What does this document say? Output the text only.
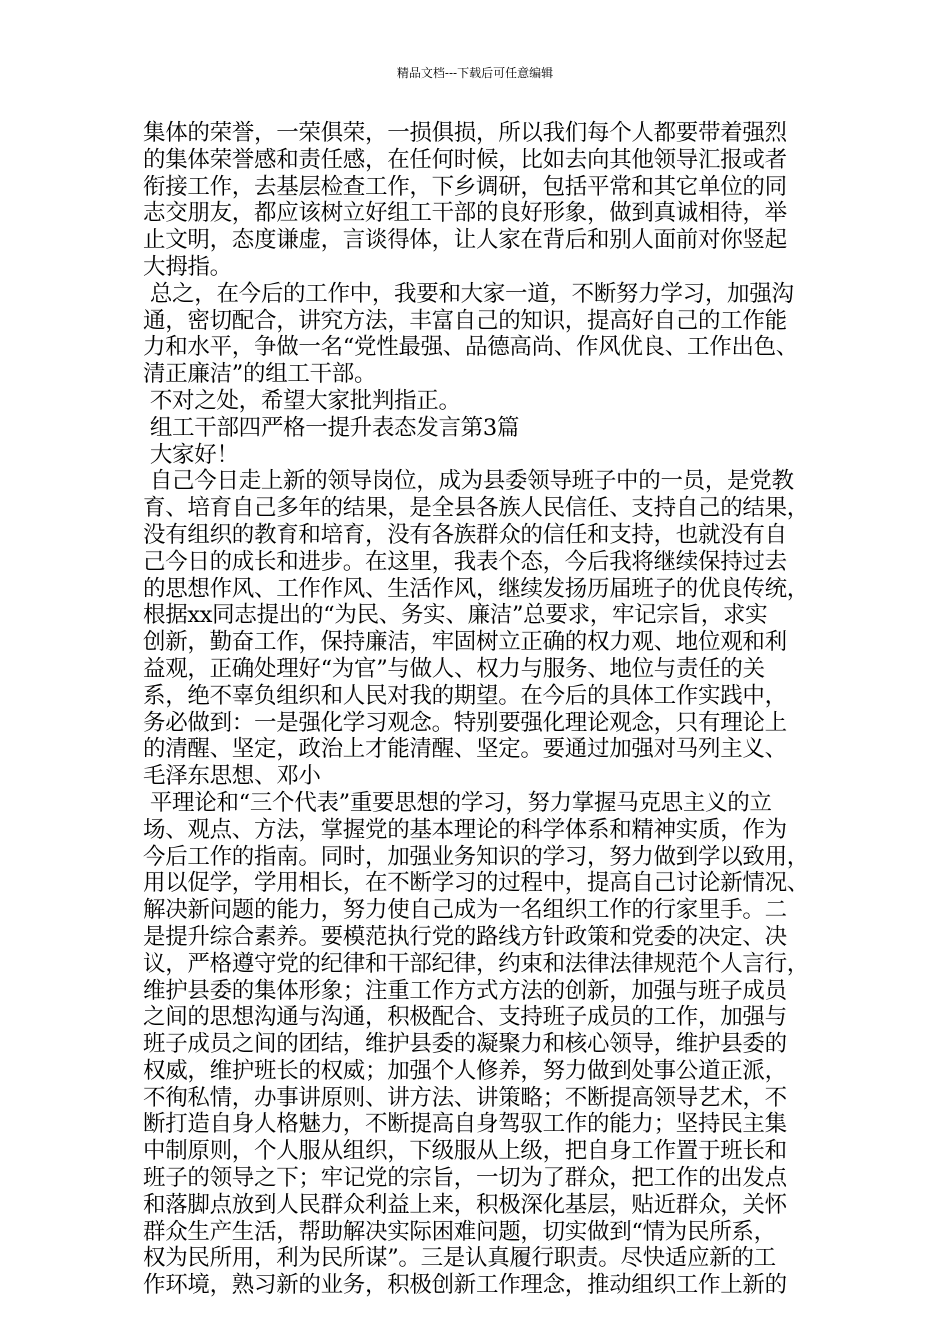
精品文档---下载后可任意编辑

集体的荣誉，一荣俱荣，一损俱损，所以我们每个人都要带着强烈

的集体荣誉感和责任感，在任何时候，比如去向其他领导汇报或者

衔接工作，去基层检查工作，下乡调研，包括平常和其它单位的同

志交朋友，都应该树立好组工干部的良好形象，做到真诚相待，举

止文明，态度谦虚，言谈得体，让人家在背后和别人面前对你竖起

大拇指。

总之，在今后的工作中，我要和大家一道，不断努力学习，加强沟

通，密切配合，讲究方法，丰富自己的知识，提高好自己的工作能

力和水平，争做一名“党性最强、品德高尚、作风优良、工作出色、

清正廉洁”的组工干部。

不对之处，希望大家批判指正。

组工干部四严格一提升表态发言第3篇

大家好！

自己今日走上新的领导岗位，成为县委领导班子中的一员，是党教

育、培育自己多年的结果，是全县各族人民信任、支持自己的结果，

没有组织的教育和培育，没有各族群众的信任和支持，也就没有自

己今日的成长和进步。在这里，我表个态，今后我将继续保持过去

的思想作风、工作作风、生活作风，继续发扬历届班子的优良传统，

根据xx同志提出的“为民、务实、廉洁”总要求，牢记宗旨，求实

创新，勤奋工作，保持廉洁，牢固树立正确的权力观、地位观和利

益观，正确处理好“为官”与做人、权力与服务、地位与责任的关

系，绝不辜负组织和人民对我的期望。在今后的具体工作实践中，

务必做到：一是强化学习观念。特别要强化理论观念，只有理论上

的清醒、坚定，政治上才能清醒、坚定。要通过加强对马列主义、

毛泽东思想、邓小

平理论和“三个代表”重要思想的学习，努力掌握马克思主义的立

场、观点、方法，掌握党的基本理论的科学体系和精神实质，作为

今后工作的指南。同时，加强业务知识的学习，努力做到学以致用，

用以促学，学用相长，在不断学习的过程中，提高自己讨论新情况、

解决新问题的能力，努力使自己成为一名组织工作的行家里手。二

是提升综合素养。要模范执行党的路线方针政策和党委的决定、决

议，严格遵守党的纪律和干部纪律，约束和法律法律规范个人言行，

维护县委的集体形象；注重工作方式方法的创新，加强与班子成员

之间的思想沟通与沟通，积极配合、支持班子成员的工作，加强与

班子成员之间的团结，维护县委的凝聚力和核心领导，维护县委的

权威，维护班长的权威；加强个人修养，努力做到处事公道正派，

不徇私情，办事讲原则、讲方法、讲策略；不断提高领导艺术，不

断打造自身人格魅力，不断提高自身驾驭工作的能力；坚持民主集

中制原则，个人服从组织，下级服从上级，把自身工作置于班长和

班子的领导之下；牢记党的宗旨，一切为了群众，把工作的出发点

和落脚点放到人民群众利益上来，积极深化基层，贴近群众，关怀

群众生产生活，帮助解决实际困难问题，切实做到“情为民所系，

权为民所用，利为民所谋”。三是认真履行职责。尽快适应新的工

作环境，熟习新的业务，积极创新工作理念，推动组织工作上新的
